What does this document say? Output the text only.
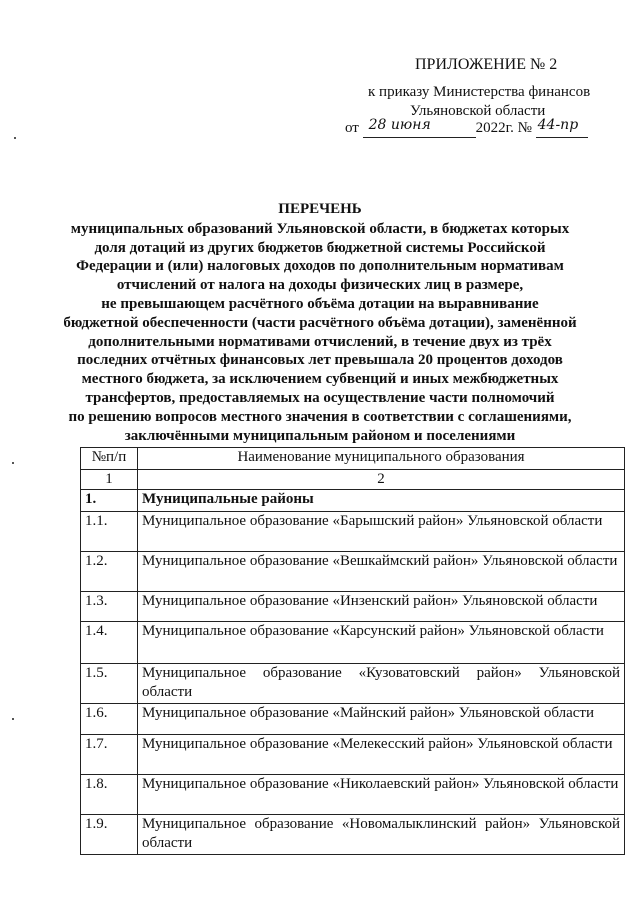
ПРИЛОЖЕНИЕ № 2
к приказу Министерства финансов
Ульяновской области
от 28 июня	2022г. № 44-пр
ПЕРЕЧЕНЬ
муниципальных образований Ульяновской области, в бюджетах которых
доля дотаций из других бюджетов бюджетной системы Российской
Федерации и (или) налоговых доходов по дополнительным нормативам
отчислений от налога на доходы физических лиц в размере,
не превышающем расчётного объёма дотации на выравнивание
бюджетной обеспеченности (части расчётного объёма дотации), заменённой
дополнительными нормативами отчислений, в течение двух из трёх
последних отчётных финансовых лет превышала 20 процентов доходов
местного бюджета, за исключением субвенций и иных межбюджетных
трансфертов, предоставляемых на осуществление части полномочий
по решению вопросов местного значения в соответствии с соглашениями,
заключёнными муниципальным районом и поселениями
№п/п	Наименование муниципального образования
1	2
1.	Муниципальные районы
1.1.	Муниципальное образование «Барышский район» Ульяновской области
1.2.	Муниципальное образование «Вешкаймский район» Ульяновской области
1.3.	Муниципальное образование «Инзенский район» Ульяновской области
1.4.	Муниципальное образование «Карсунский район» Ульяновской области
1.5.	Муниципальное образование «Кузоватовский район» Ульяновской области
1.6.	Муниципальное образование «Майнский район» Ульяновской области
1.7.	Муниципальное образование «Мелекесский район» Ульяновской области
1.8.	Муниципальное образование «Николаевский район» Ульяновской области
1.9.	Муниципальное образование «Новомалыклинский район» Ульяновской области
